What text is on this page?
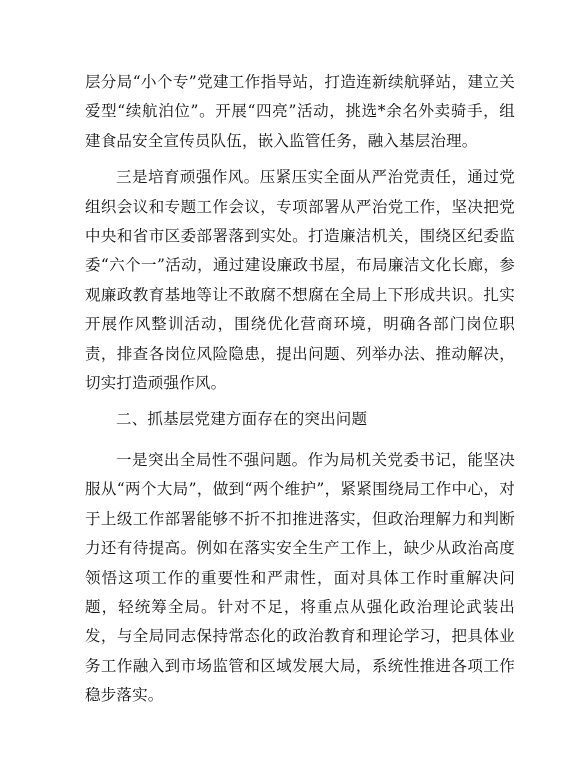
层分局“小个专”党建工作指导站，打造连新续航驿站，建立关爱型“续航泊位”。开展“四亮”活动，挑选*余名外卖骑手，组建食品安全宣传员队伍，嵌入监管任务，融入基层治理。

三是培育顽强作风。压紧压实全面从严治党责任，通过党组织会议和专题工作会议，专项部署从严治党工作，坚决把党中央和省市区委部署落到实处。打造廉洁机关，围绕区纪委监委“六个一”活动，通过建设廉政书屋，布局廉洁文化长廊，参观廉政教育基地等让不敢腐不想腐在全局上下形成共识。扎实开展作风整训活动，围绕优化营商环境，明确各部门岗位职责，排查各岗位风险隐患，提出问题、列举办法、推动解决，切实打造顽强作风。

二、抓基层党建方面存在的突出问题

一是突出全局性不强问题。作为局机关党委书记，能坚决服从“两个大局”，做到“两个维护”，紧紧围绕局工作中心，对于上级工作部署能够不折不扣推进落实，但政治理解力和判断力还有待提高。例如在落实安全生产工作上，缺少从政治高度领悟这项工作的重要性和严肃性，面对具体工作时重解决问题，轻统筹全局。针对不足，将重点从强化政治理论武装出发，与全局同志保持常态化的政治教育和理论学习，把具体业务工作融入到市场监管和区域发展大局，系统性推进各项工作稳步落实。
